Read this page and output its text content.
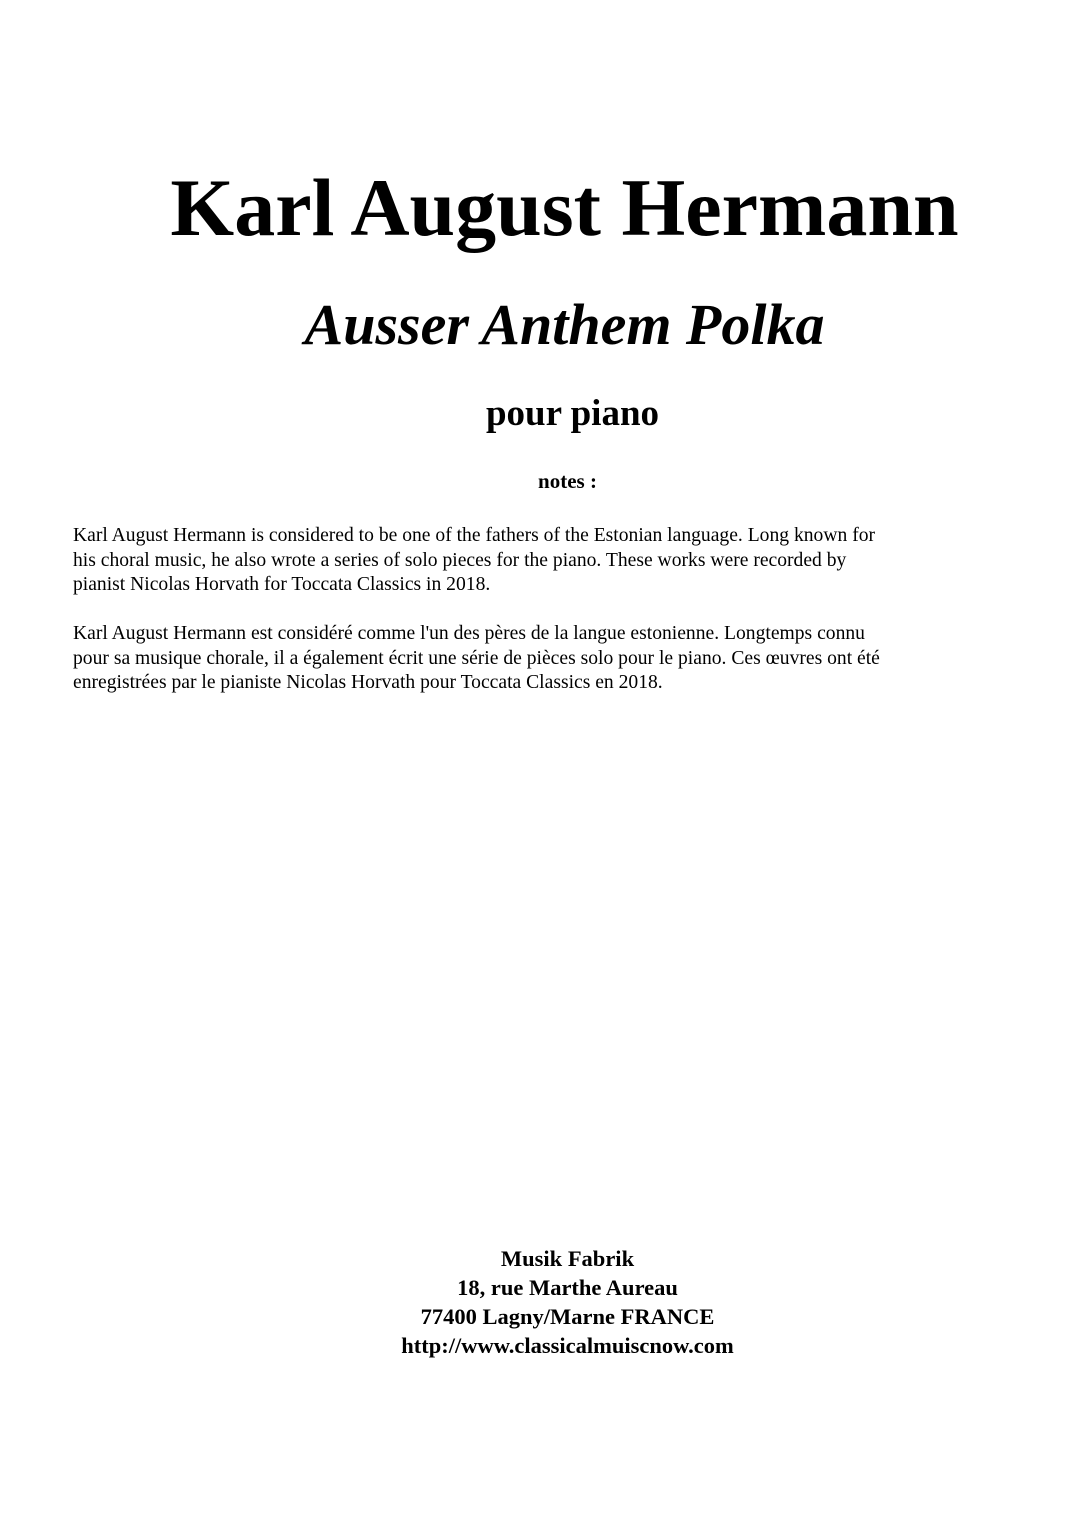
Karl August Hermann
Ausser Anthem Polka
pour piano
notes :

Karl August Hermann is considered to be one of the fathers of the Estonian language. Long known for
his choral music, he also wrote a series of solo pieces for the piano. These works were recorded by
pianist Nicolas Horvath for Toccata Classics in 2018.

Karl August Hermann est considéré comme l'un des pères de la langue estonienne. Longtemps connu
pour sa musique chorale, il a également écrit une série de pièces solo pour le piano. Ces œuvres ont été
enregistrées par le pianiste Nicolas Horvath pour Toccata Classics en 2018.

Musik Fabrik
18, rue Marthe Aureau
77400 Lagny/Marne FRANCE
http://www.classicalmuiscnow.com
